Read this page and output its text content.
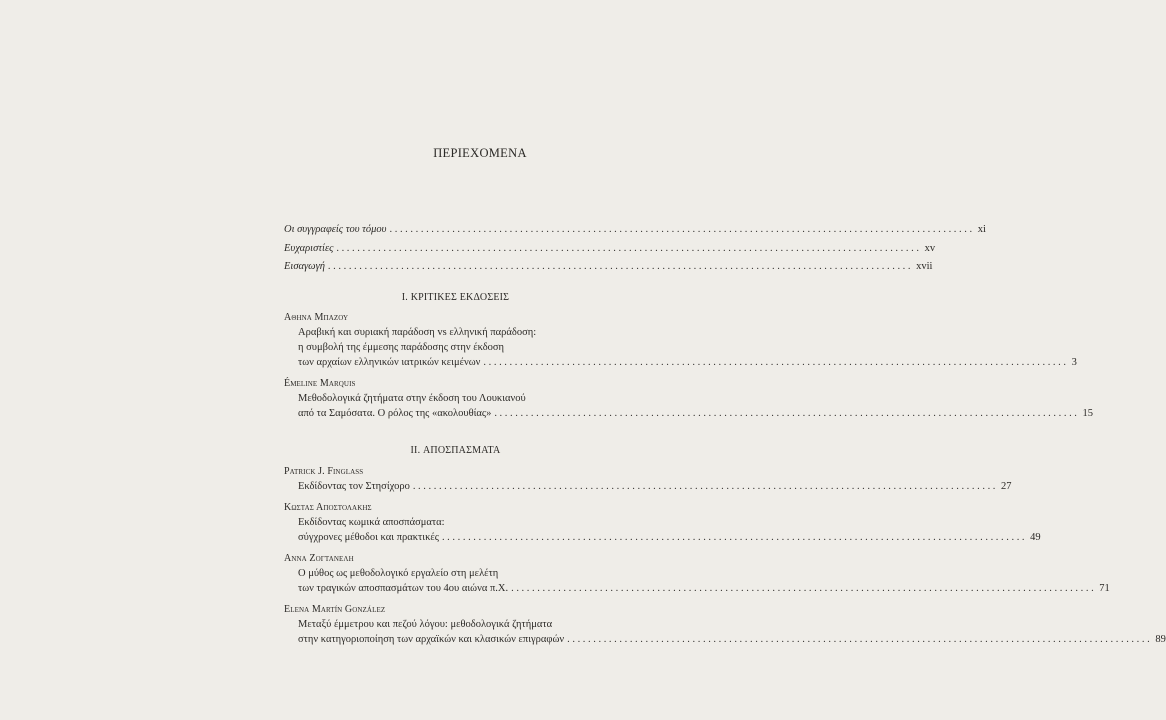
ΠΕΡΙΕΧΟΜΕΝΑ
Οι συγγραφείς του τόμου ................................................................................................................ xi
Ευχαριστίες ................................................................................................................ xv
Εισαγωγή ................................................................................................................ xvii
I. ΚΡΙΤΙΚΕΣ ΕΚΔΟΣΕΙΣ
Αθηνα Μπαζου
Αραβική και συριακή παράδοση vs ελληνική παράδοση:
η συμβολή της έμμεσης παράδοσης στην έκδοση
των αρχαίων ελληνικών ιατρικών κειμένων ................................................................................................................ 3
Émeline Marquis
Μεθοδολογικά ζητήματα στην έκδοση του Λουκιανού
από τα Σαμόσατα. Ο ρόλος της «ακολουθίας» ................................................................................................................ 15
II. ΑΠΟΣΠΑΣΜΑΤΑ
Patrick J. Finglass
Εκδίδοντας τον Στησίχορο ................................................................................................................ 27
Κωστας Αποστολακης
Εκδίδοντας κωμικά αποσπάσματα:
σύγχρονες μέθοδοι και πρακτικές ................................................................................................................ 49
Αννα Ζογτανελη
Ο μύθος ως μεθοδολογικό εργαλείο στη μελέτη
των τραγικών αποσπασμάτων του 4ου αιώνα π.Χ. ................................................................................................................ 71
Elena Martín González
Μεταξύ έμμετρου και πεζού λόγου: μεθοδολογικά ζητήματα
στην κατηγοριοποίηση των αρχαϊκών και κλασικών επιγραφών ................................................................................................................ 89
